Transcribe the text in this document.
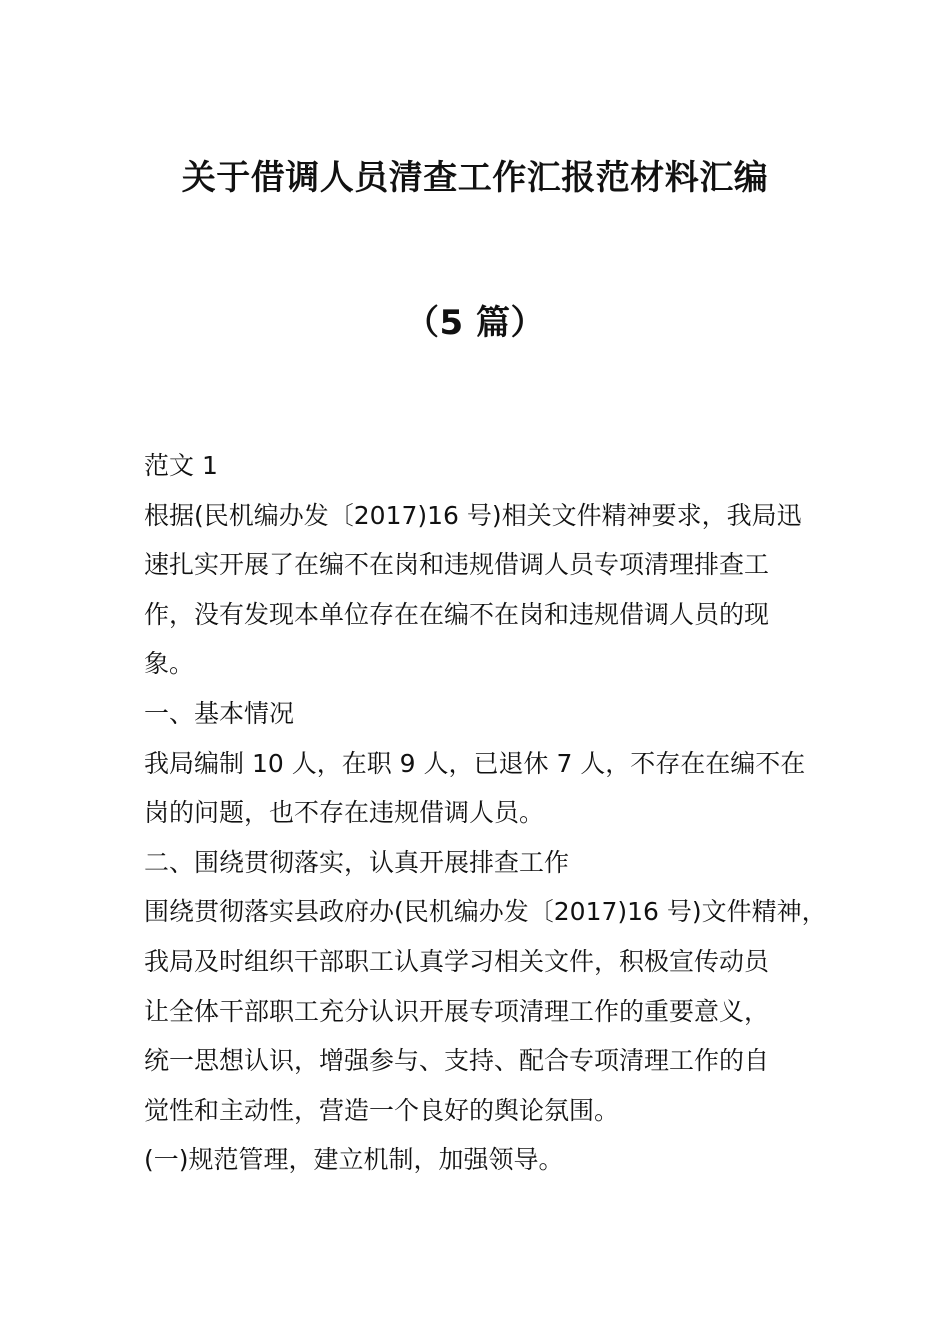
关于借调人员清查工作汇报范材料汇编
（5 篇）

范文 1

根据(民机编办发〔2017)16 号)相关文件精神要求，我局迅

速扎实开展了在编不在岗和违规借调人员专项清理排查工

作，没有发现本单位存在在编不在岗和违规借调人员的现

象。

一、基本情况

我局编制 10 人，在职 9 人，已退休 7 人，不存在在编不在

岗的问题，也不存在违规借调人员。

二、围绕贯彻落实，认真开展排查工作

围绕贯彻落实县政府办(民机编办发〔2017)16 号)文件精神，

我局及时组织干部职工认真学习相关文件，积极宣传动员

让全体干部职工充分认识开展专项清理工作的重要意义，

统一思想认识，增强参与、支持、配合专项清理工作的自

觉性和主动性，营造一个良好的舆论氛围。

(一)规范管理，建立机制，加强领导。
